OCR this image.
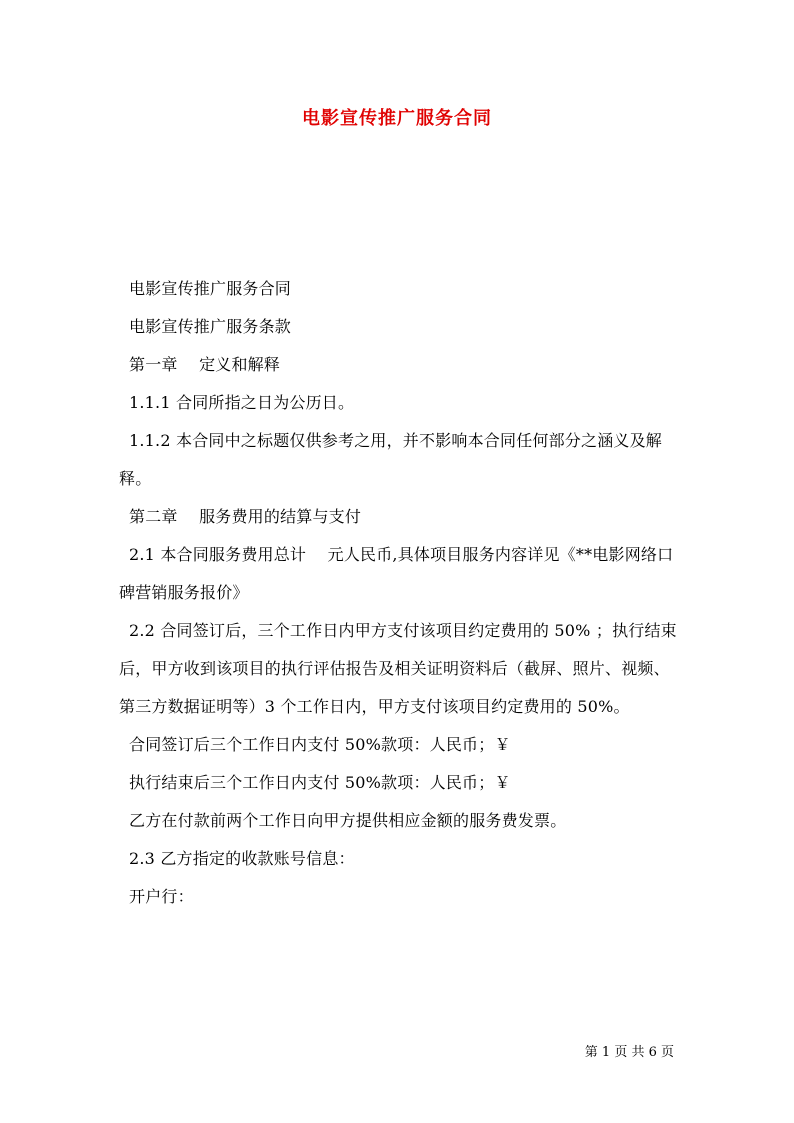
电影宣传推广服务合同

电影宣传推广服务合同

电影宣传推广服务条款

第一章　 定义和解释

1.1.1 合同所指之日为公历日。

1.1.2 本合同中之标题仅供参考之用，并不影响本合同任何部分之涵义及解释。

第二章　 服务费用的结算与支付

2.1 本合同服务费用总计　 元人民币,具体项目服务内容详见《**电影网络口碑营销服务报价》

2.2 合同签订后，三个工作日内甲方支付该项目约定费用的 50% ；执行结束后，甲方收到该项目的执行评估报告及相关证明资料后（截屏、照片、视频、第三方数据证明等）3 个工作日内，甲方支付该项目约定费用的 50%。

合同签订后三个工作日内支付 50%款项：人民币；￥

执行结束后三个工作日内支付 50%款项：人民币；￥

乙方在付款前两个工作日向甲方提供相应金额的服务费发票。

2.3 乙方指定的收款账号信息：

开户行：

第 1 页 共 6 页
